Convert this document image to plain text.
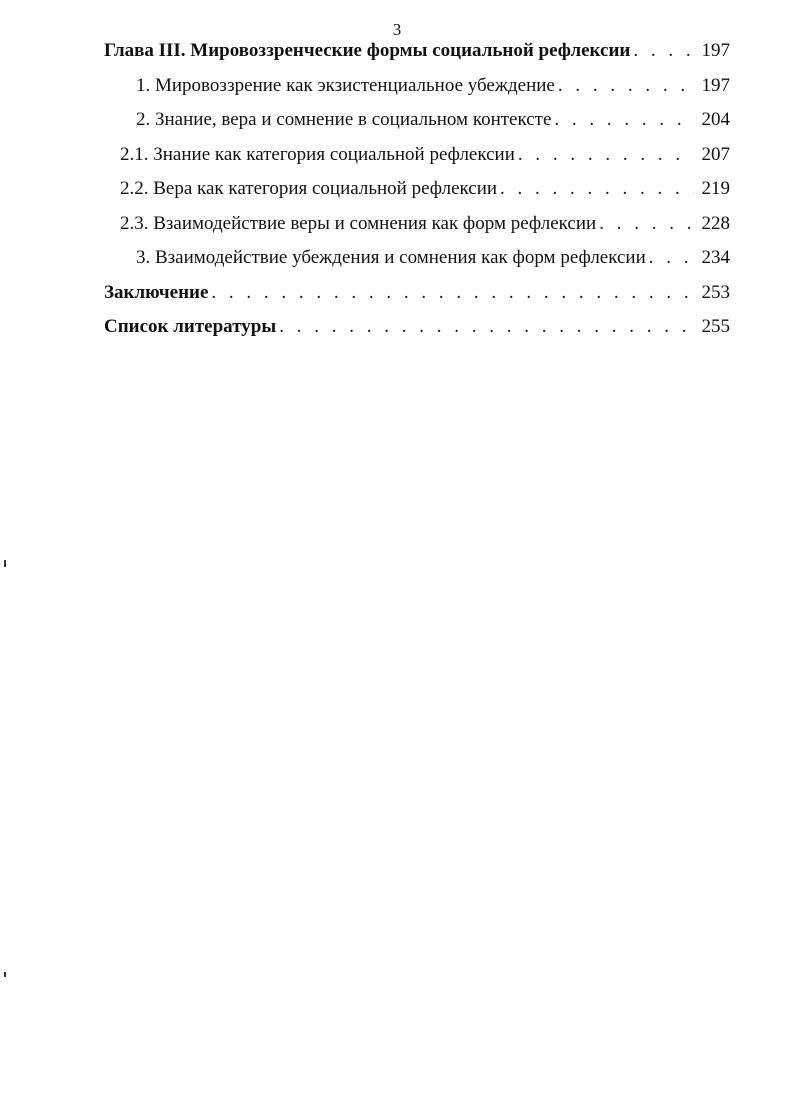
3
Глава III. Мировоззренческие формы социальной рефлексии . . .	197
1. Мировоззрение как экзистенциальное убеждение . . .	197
2. Знание, вера и сомнение в социальном контексте . . .	204
2.1. Знание как категория социальной рефлексии . . .	207
2.2. Вера как категория социальной рефлексии . . .	219
2.3. Взаимодействие веры и сомнения как форм рефлексии . . .	228
3. Взаимодействие убеждения и сомнения как форм рефлексии . . .	234
Заключение . . .	253
Список литературы . . .	255
